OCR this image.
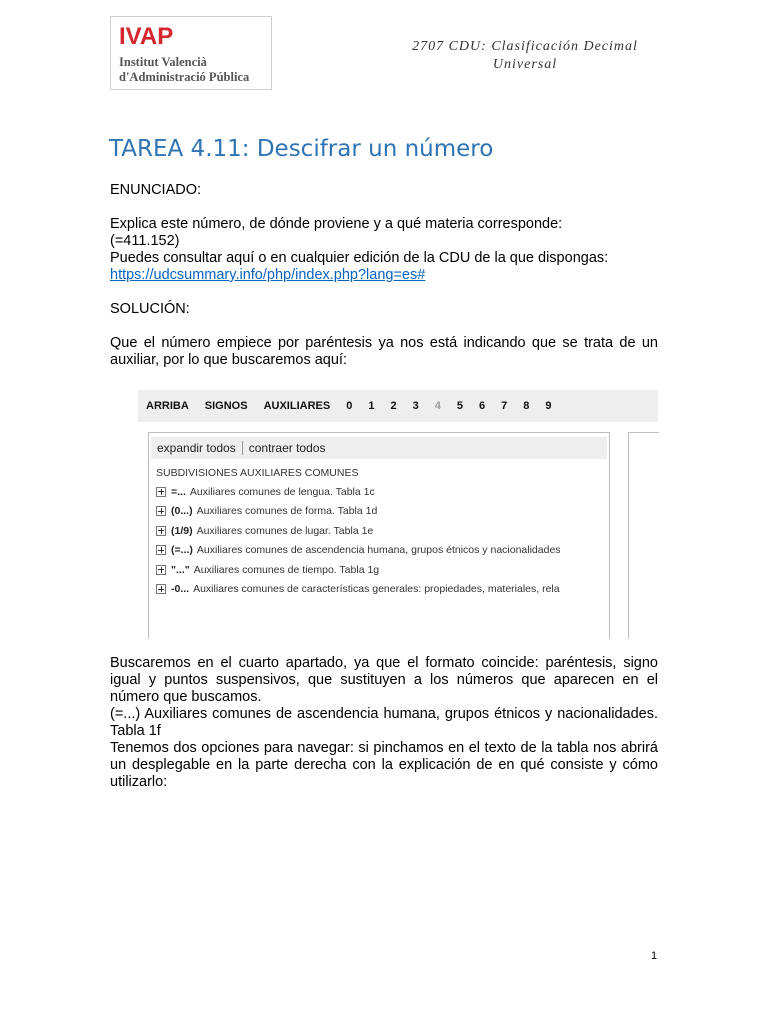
IVAP
Institut Valencià
d'Administració Pública
2707 CDU: Clasificación Decimal
Universal
TAREA 4.11: Descifrar un número
ENUNCIADO:
Explica este número, de dónde proviene y a qué materia corresponde:
(=411.152)
Puedes consultar aquí o en cualquier edición de la CDU de la que dispongas:
https://udcsummary.info/php/index.php?lang=es#
SOLUCIÓN:
Que el número empiece por paréntesis ya nos está indicando que se trata de un auxiliar, por lo que buscaremos aquí:
ARRIBA SIGNOS AUXILIARES 0 1 2 3 4 5 6 7 8 9
expandir todos contraer todos
SUBDIVISIONES AUXILIARES COMUNES
=... Auxiliares comunes de lengua. Tabla 1c
(0...) Auxiliares comunes de forma. Tabla 1d
(1/9) Auxiliares comunes de lugar. Tabla 1e
(=...) Auxiliares comunes de ascendencia humana, grupos étnicos y nacionalidades
"..." Auxiliares comunes de tiempo. Tabla 1g
-0... Auxiliares comunes de características generales: propiedades, materiales, rela
Buscaremos en el cuarto apartado, ya que el formato coincide: paréntesis, signo igual y puntos suspensivos, que sustituyen a los números que aparecen en el número que buscamos.
(=...) Auxiliares comunes de ascendencia humana, grupos étnicos y nacionalidades. Tabla 1f
Tenemos dos opciones para navegar: si pinchamos en el texto de la tabla nos abrirá un desplegable en la parte derecha con la explicación de en qué consiste y cómo utilizarlo:
1
